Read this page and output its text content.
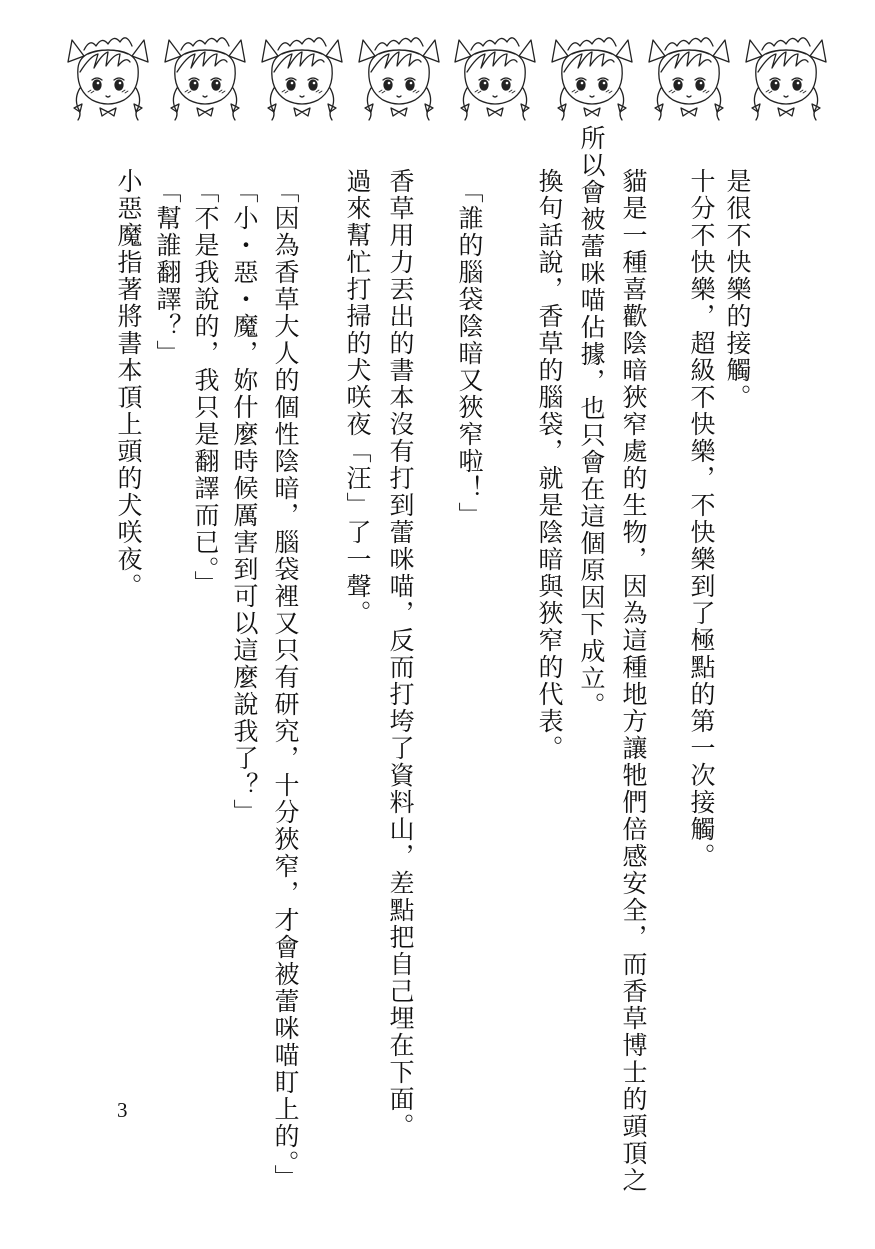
是很不快樂的接觸。
十分不快樂，超級不快樂，不快樂到了極點的第一次接觸。
貓是一種喜歡陰暗狹窄處的生物，因為這種地方讓牠們倍感安全，而香草博士的頭頂之
所以會被蕾咪喵佔據，也只會在這個原因下成立。
換句話說，香草的腦袋，就是陰暗與狹窄的代表。
「誰的腦袋陰暗又狹窄啦！」
香草用力丟出的書本沒有打到蕾咪喵，反而打垮了資料山，差點把自己埋在下面。
過來幫忙打掃的犬咲夜「汪」了一聲。
「因為香草大人的個性陰暗，腦袋裡又只有研究，十分狹窄，才會被蕾咪喵盯上的。」
「小・惡・魔，妳什麼時候厲害到可以這麼說我了？」
「不是我說的，我只是翻譯而已。」
「幫誰翻譯？」
小惡魔指著將書本頂上頭的犬咲夜。
3
